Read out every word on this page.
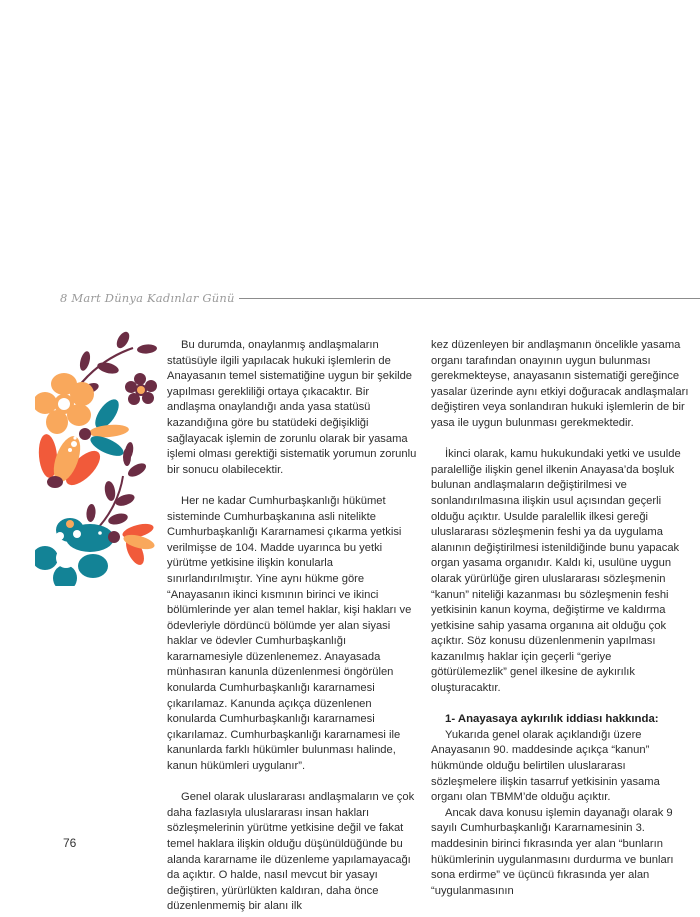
8 Mart Dünya Kadınlar Günü

Bu durumda, onaylanmış andlaşmaların statüsüyle ilgili yapılacak hukuki işlemlerin de Anayasanın temel sistematiğine uygun bir şekilde yapılması gerekliliği ortaya çıkacaktır. Bir andlaşma onaylandığı anda yasa statüsü kazandığına göre bu statüdeki değişikliği sağlayacak işlemin de zorunlu olarak bir yasama işlemi olması gerektiği sistematik yorumun zorunlu bir sonucu olabilecektir.

Her ne kadar Cumhurbaşkanlığı hükümet sisteminde Cumhurbaşkanına asli nitelikte Cumhurbaşkanlığı Kararnamesi çıkarma yetkisi verilmişse de 104. Madde uyarınca bu yetki yürütme yetkisine ilişkin konularla sınırlandırılmıştır. Yine aynı hükme göre “Anayasanın ikinci kısmının birinci ve ikinci bölümlerinde yer alan temel haklar, kişi hakları ve ödevleriyle dördüncü bölümde yer alan siyasi haklar ve ödevler Cumhurbaşkanlığı kararnamesiyle düzenlenemez. Anayasada münhasıran kanunla düzenlenmesi öngörülen konularda Cumhurbaşkanlığı kararnamesi çıkarılamaz. Kanunda açıkça düzenlenen konularda Cumhurbaşkanlığı kararnamesi çıkarılamaz. Cumhurbaşkanlığı kararnamesi ile kanunlarda farklı hükümler bulunması halinde, kanun hükümleri uygulanır”.

Genel olarak uluslararası andlaşmaların ve çok daha fazlasıyla uluslararası insan hakları sözleşmelerinin yürütme yetkisine değil ve fakat temel haklara ilişkin olduğu düşünüldüğünde bu alanda kararname ile düzenleme yapılamayacağı da açıktır. O halde, nasıl mevcut bir yasayı değiştiren, yürürlükten kaldıran, daha önce düzenlenmemiş bir alanı ilk

kez düzenleyen bir andlaşmanın öncelikle yasama organı tarafından onayının uygun bulunması gerekmekteyse, anayasanın sistematiği gereğince yasalar üzerinde aynı etkiyi doğuracak andlaşmaları değiştiren veya sonlandıran hukuki işlemlerin de bir yasa ile uygun bulunması gerekmektedir.

İkinci olarak, kamu hukukundaki yetki ve usulde paralelliğe ilişkin genel ilkenin Anayasa’da boşluk bulunan andlaşmaların değiştirilmesi ve sonlandırılmasına ilişkin usul açısından geçerli olduğu açıktır. Usulde paralellik ilkesi gereği uluslararası sözleşmenin feshi ya da uygulama alanının değiştirilmesi istenildiğinde bunu yapacak organ yasama organıdır. Kaldı ki, usulüne uygun olarak yürürlüğe giren uluslararası sözleşmenin “kanun” niteliği kazanması bu sözleşmenin feshi yetkisinin kanun koyma, değiştirme ve kaldırma yetkisine sahip yasama organına ait olduğu çok açıktır. Söz konusu düzenlenmenin yapılması kazanılmış haklar için geçerli “geriye götürülemezlik” genel ilkesine de aykırılık oluşturacaktır.

1- Anayasaya aykırılık iddiası hakkında:

Yukarıda genel olarak açıklandığı üzere Anayasanın 90. maddesinde açıkça “kanun” hükmünde olduğu belirtilen uluslararası sözleşmelere ilişkin tasarruf yetkisinin yasama organı olan TBMM’de olduğu açıktır.

Ancak dava konusu işlemin dayanağı olarak 9 sayılı Cumhurbaşkanlığı Kararnamesinin 3. maddesinin birinci fıkrasında yer alan “bunların hükümlerinin uygulanmasını durdurma ve bunları sona erdirme” ve üçüncü fıkrasında yer alan “uygulanmasının

76
